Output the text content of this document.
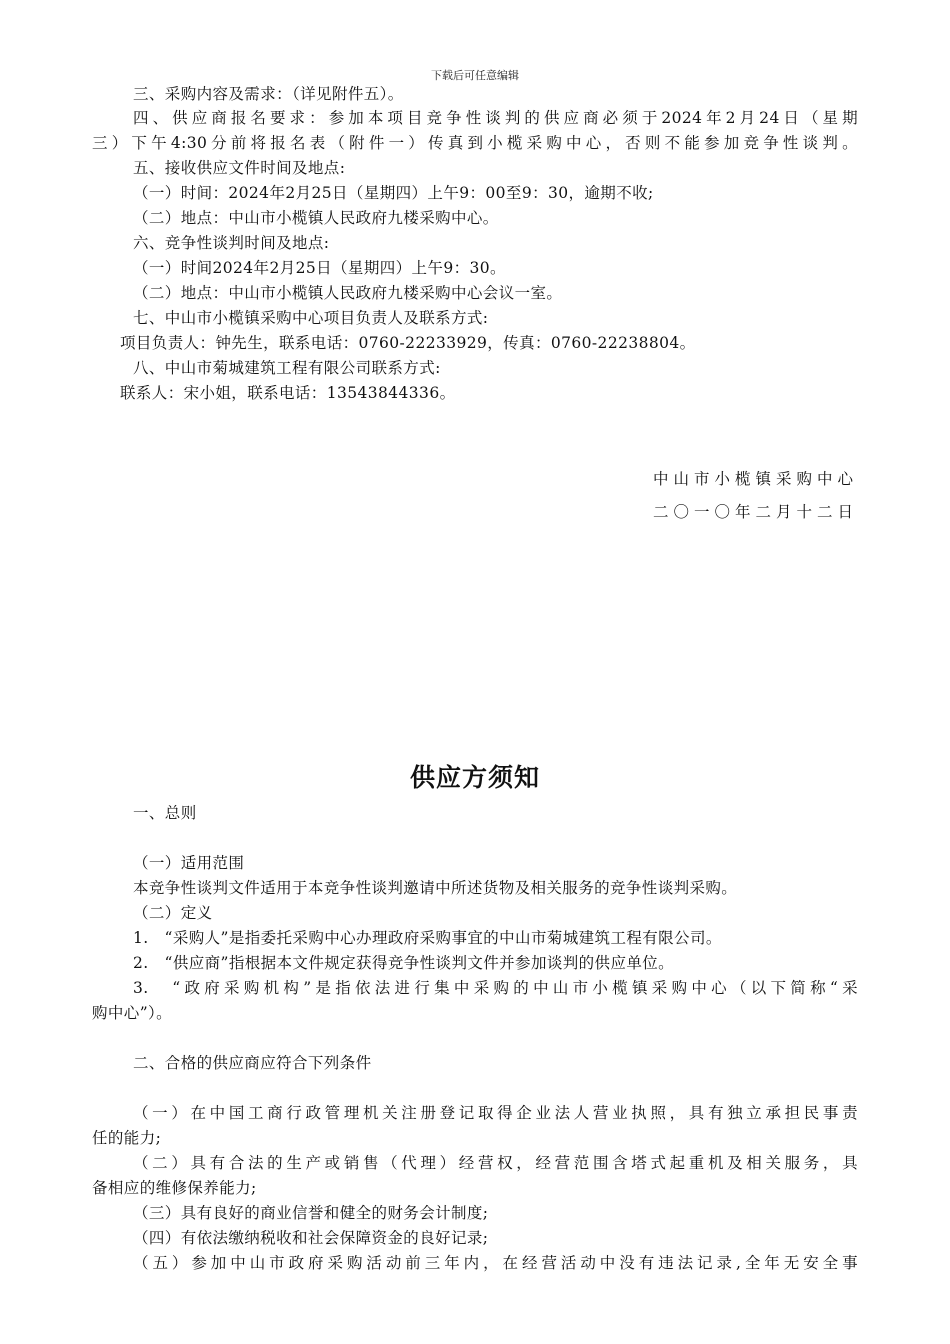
下载后可任意编辑
三、采购内容及需求：（详见附件五）。
四、供应商报名要求：参加本项目竞争性谈判的供应商必须于2024年2月24日（星期
三）下午4:30分前将报名表（附件一）传真到小榄采购中心，否则不能参加竞争性谈判。
五、接收供应文件时间及地点:
（一）时间：2024年2月25日（星期四）上午9：00至9：30，逾期不收;
（二）地点：中山市小榄镇人民政府九楼采购中心。
六、竞争性谈判时间及地点:
（一）时间2024年2月25日（星期四）上午9：30。
（二）地点：中山市小榄镇人民政府九楼采购中心会议一室。
七、中山市小榄镇采购中心项目负责人及联系方式:
项目负责人：钟先生，联系电话：0760-22233929，传真：0760-22238804。
八、中山市菊城建筑工程有限公司联系方式:
联系人：宋小姐，联系电话：13543844336。
中山市小榄镇采购中心
二〇一〇年二月十二日
供应方须知
一、总则
（一）适用范围
本竞争性谈判文件适用于本竞争性谈判邀请中所述货物及相关服务的竞争性谈判采购。
（二）定义
1.　“采购人”是指委托采购中心办理政府采购事宜的中山市菊城建筑工程有限公司。
2.　“供应商”指根据本文件规定获得竞争性谈判文件并参加谈判的供应单位。
3.　“政府采购机构”是指依法进行集中采购的中山市小榄镇采购中心（以下简称“采
购中心”）。
二、合格的供应商应符合下列条件
（一）在中国工商行政管理机关注册登记取得企业法人营业执照，具有独立承担民事责
任的能力;
（二）具有合法的生产或销售（代理）经营权，经营范围含塔式起重机及相关服务，具
备相应的维修保养能力;
（三）具有良好的商业信誉和健全的财务会计制度;
（四）有依法缴纳税收和社会保障资金的良好记录;
（五）参加中山市政府采购活动前三年内，在经营活动中没有违法记录,全年无安全事
